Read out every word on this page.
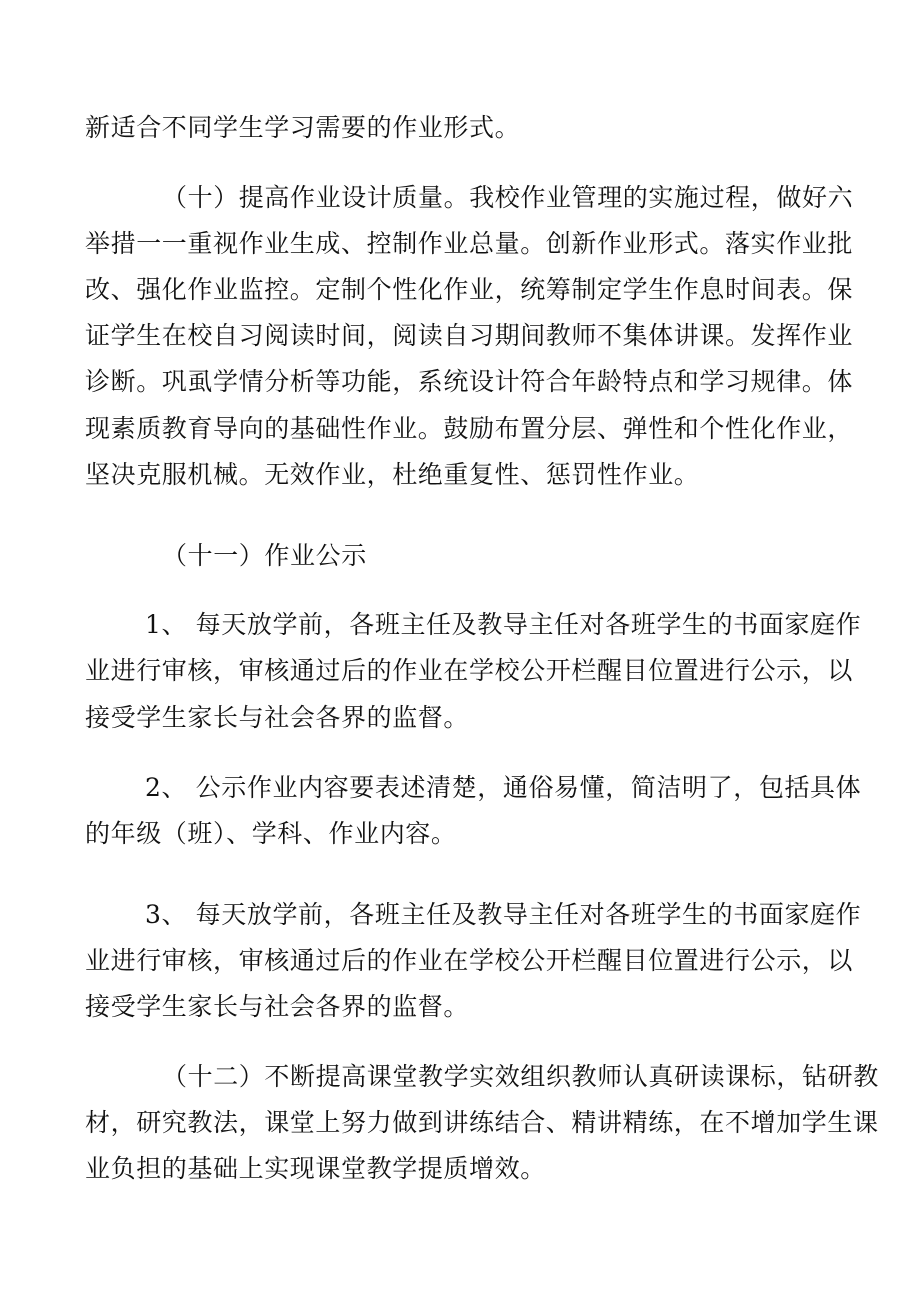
新适合不同学生学习需要的作业形式。
（十）提高作业设计质量。我校作业管理的实施过程，做好六
举措一一重视作业生成、控制作业总量。创新作业形式。落实作业批
改、强化作业监控。定制个性化作业，统筹制定学生作息时间表。保
证学生在校自习阅读时间，阅读自习期间教师不集体讲课。发挥作业
诊断。巩虱学情分析等功能，系统设计符合年龄特点和学习规律。体
现素质教育导向的基础性作业。鼓励布置分层、弹性和个性化作业，
坚决克服机械。无效作业，杜绝重复性、惩罚性作业。
（十一）作业公示
1、 每天放学前，各班主任及教导主任对各班学生的书面家庭作
业进行审核，审核通过后的作业在学校公开栏醒目位置进行公示，以
接受学生家长与社会各界的监督。
2、 公示作业内容要表述清楚，通俗易懂，简洁明了，包括具体
的年级（班）、学科、作业内容。
3、 每天放学前，各班主任及教导主任对各班学生的书面家庭作
业进行审核，审核通过后的作业在学校公开栏醒目位置进行公示，以
接受学生家长与社会各界的监督。
（十二）不断提高课堂教学实效组织教师认真研读课标，钻研教
材，研究教法，课堂上努力做到讲练结合、精讲精练，在不增加学生课
业负担的基础上实现课堂教学提质增效。
